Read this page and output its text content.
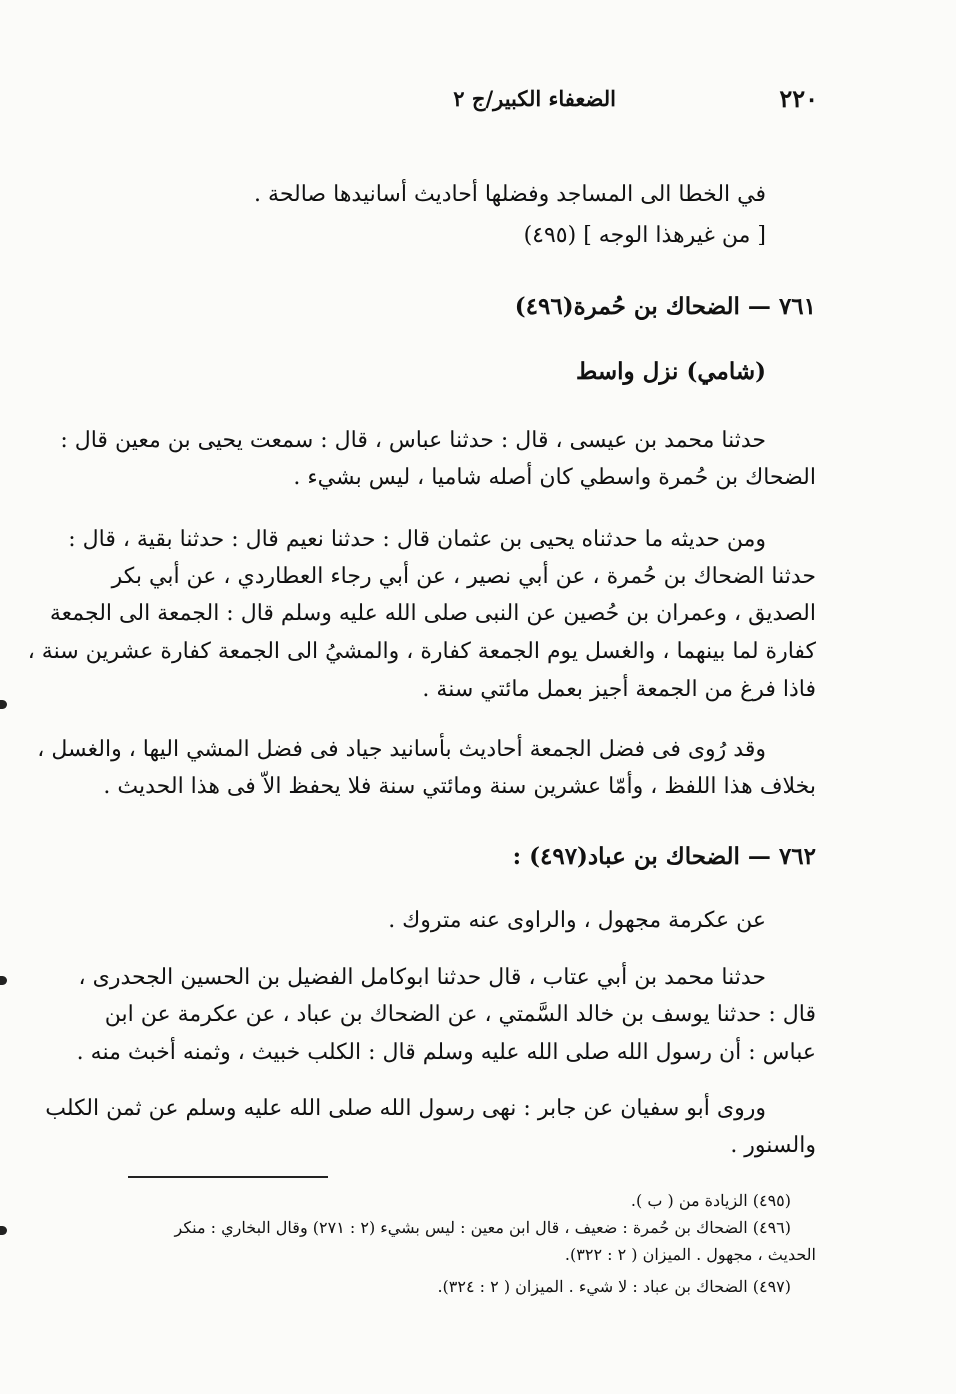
٢٢٠
الضعفاء الكبير/ج ٢
في الخطا الى المساجد وفضلها أحاديث أسانيدها صالحة .
[ من غيرهذا الوجه ] (٤٩٥)
٧٦١ — الضحاك بن حُمرة(٤٩٦)
(شامي) نزل واسط
حدثنا محمد بن عيسى ، قال : حدثنا عباس ، قال : سمعت يحيى بن معين قال :
الضحاك بن حُمرة واسطي كان أصله شاميا ، ليس بشيء .
ومن حديثه ما حدثناه يحيى بن عثمان قال : حدثنا نعيم قال : حدثنا بقية ، قال :
حدثنا الضحاك بن حُمرة ، عن أبي نصير ، عن أبي رجاء العطاردي ، عن أبي بكر
الصديق ، وعمران بن حُصين عن النبى صلى الله عليه وسلم قال : الجمعة الى الجمعة
كفارة لما بينهما ، والغسل يوم الجمعة كفارة ، والمشيُ الى الجمعة كفارة عشرين سنة ،
فاذا فرغ من الجمعة أجيز بعمل مائتي سنة .
وقد رُوى فى فضل الجمعة أحاديث بأسانيد جياد فى فضل المشي اليها ، والغسل ،
بخلاف هذا اللفظ ، وأمّا عشرين سنة ومائتي سنة فلا يحفظ الاّ فى هذا الحديث .
٧٦٢ — الضحاك بن عباد(٤٩٧) :
عن عكرمة مجهول ، والراوى عنه متروك .
حدثنا محمد بن أبي عتاب ، قال حدثنا ابوكامل الفضيل بن الحسين الجحدرى ،
قال : حدثنا يوسف بن خالد السَّمتي ، عن الضحاك بن عباد ، عن عكرمة عن ابن
عباس : أن رسول الله صلى الله عليه وسلم قال : الكلب خبيث ، وثمنه أخبث منه .
وروى أبو سفيان عن جابر : نهى رسول الله صلى الله عليه وسلم عن ثمن الكلب
والسنور .
(٤٩٥) الزيادة من ( ب ).
(٤٩٦) الضحاك بن حُمرة : ضعيف ، قال ابن معين : ليس بشيء (٢ : ٢٧١) وقال البخاري : منكر
الحديث ، مجهول . الميزان ( ٢ : ٣٢٢).
(٤٩٧) الضحاك بن عباد : لا شيء . الميزان ( ٢ : ٣٢٤).
